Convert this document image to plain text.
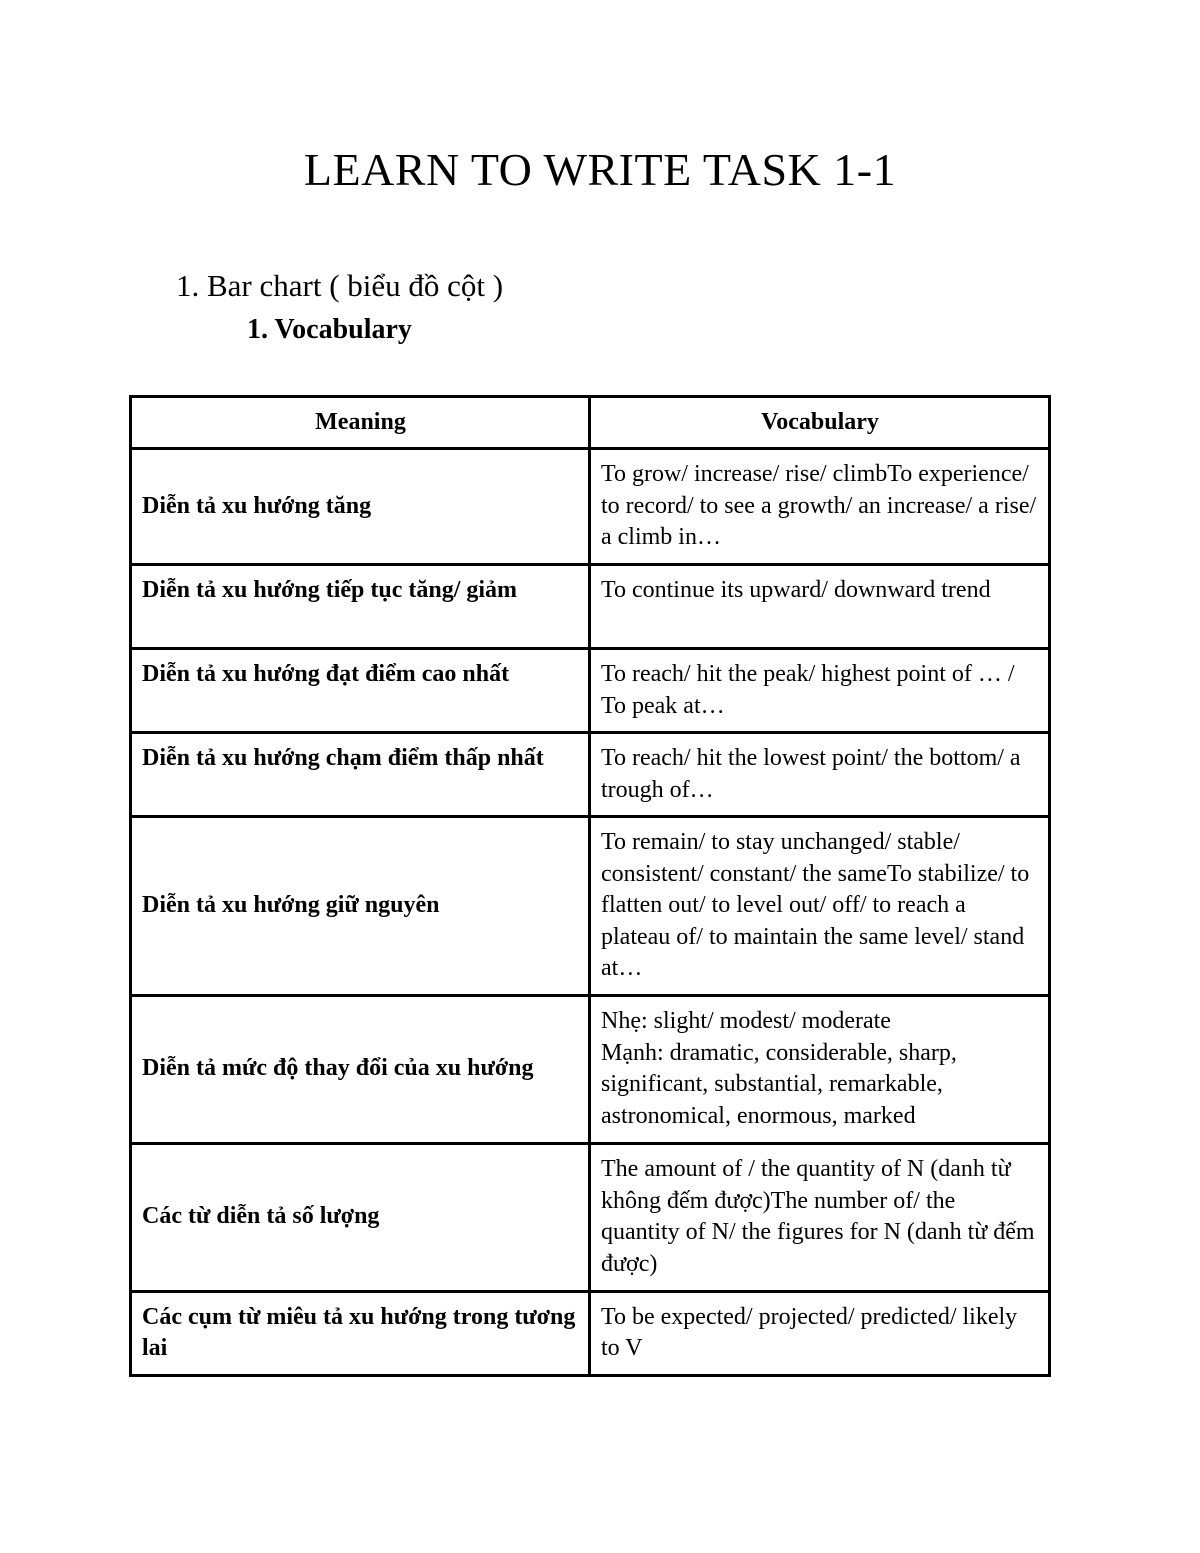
LEARN TO WRITE TASK 1-1
1. Bar chart ( biểu đồ cột )
1. Vocabulary
Meaning	Vocabulary
Diễn tả xu hướng tăng	To grow/ increase/ rise/ climbTo experience/ to record/ to see a growth/ an increase/ a rise/ a climb in…

Diễn tả xu hướng tiếp tục tăng/ giảm	To continue its upward/ downward trend

Diễn tả xu hướng đạt điểm cao nhất	To reach/ hit the peak/ highest point of … / To peak at…

Diễn tả xu hướng chạm điểm thấp nhất	To reach/ hit the lowest point/ the bottom/ a trough of…

Diễn tả xu hướng giữ nguyên	To remain/ to stay unchanged/ stable/ consistent/ constant/ the sameTo stabilize/ to flatten out/ to level out/ off/ to reach a plateau of/ to maintain the same level/ stand at…

Diễn tả mức độ thay đổi của xu hướng	Nhẹ: slight/ modest/ moderate
Mạnh: dramatic, considerable, sharp, significant, substantial, remarkable, astronomical, enormous, marked

Các từ diễn tả số lượng	The amount of / the quantity of N (danh từ không đếm được)The number of/ the quantity of N/ the figures for N (danh từ đếm được)

Các cụm từ miêu tả xu hướng trong tương lai	To be expected/ projected/ predicted/ likely to V
